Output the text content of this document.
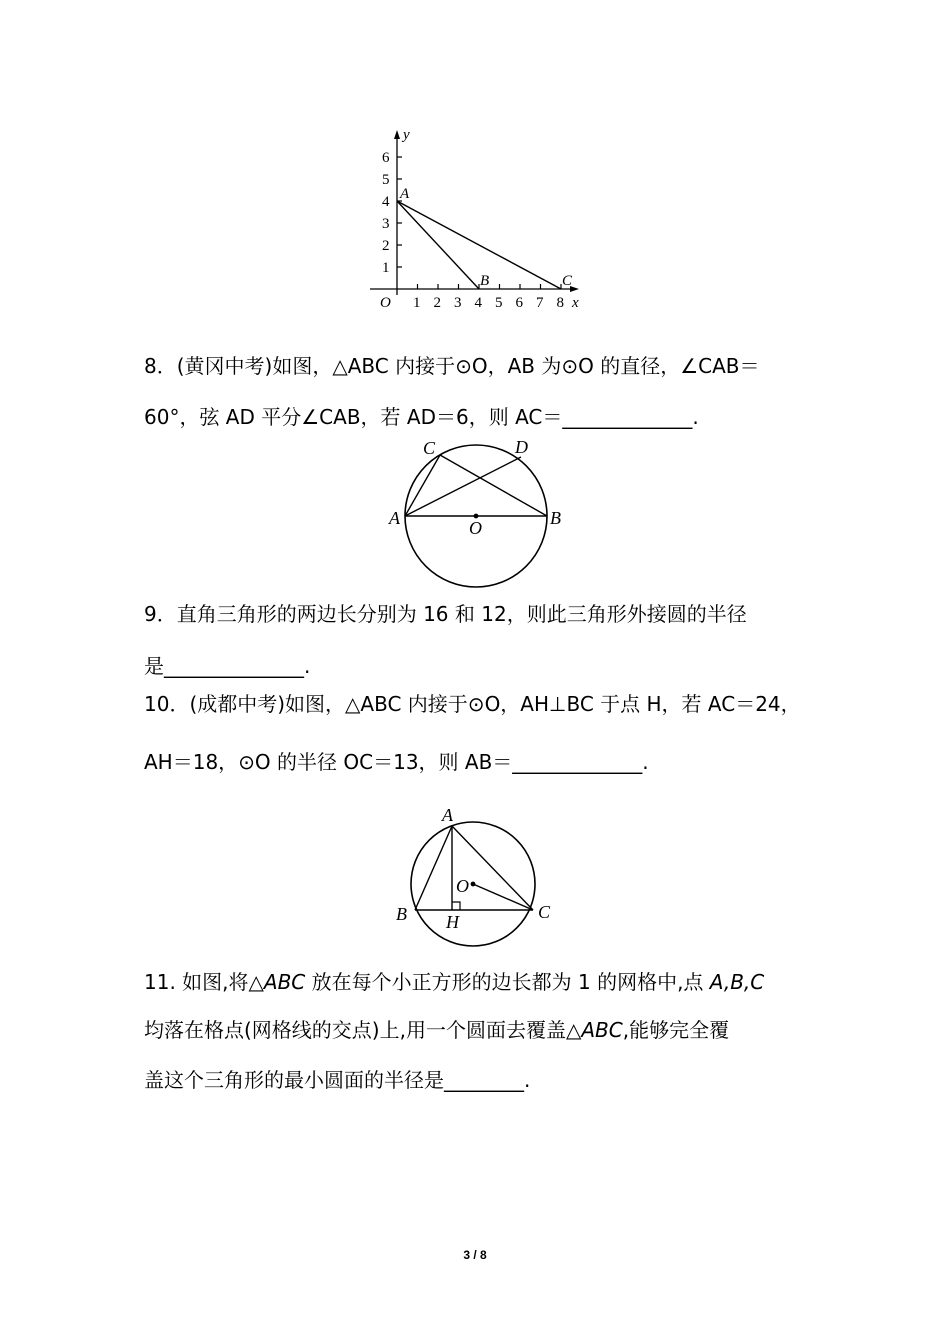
1
2
3
4
5
6
1 2 3 4 5 6 7 8
O
y
x
A
B	C
8．(黄冈中考)如图，△ABC 内接于⊙O，AB 为⊙O 的直径，∠CAB＝
60°，弦 AD 平分∠CAB，若 AD＝6，则 AC＝_____________.
A	B
C	D
O
9．直角三角形的两边长分别为 16 和 12，则此三角形外接圆的半径
是______________.
10．(成都中考)如图，△ABC 内接于⊙O，AH⊥BC 于点 H，若 AC＝24，
AH＝18，⊙O 的半径 OC＝13，则 AB＝_____________.
A
B	C
H
O
11. 如图,将△ABC 放在每个小正方形的边长都为 1 的网格中,点 A,B,C
均落在格点(网格线的交点)上,用一个圆面去覆盖△ABC,能够完全覆
盖这个三角形的最小圆面的半径是________.
3 / 8
